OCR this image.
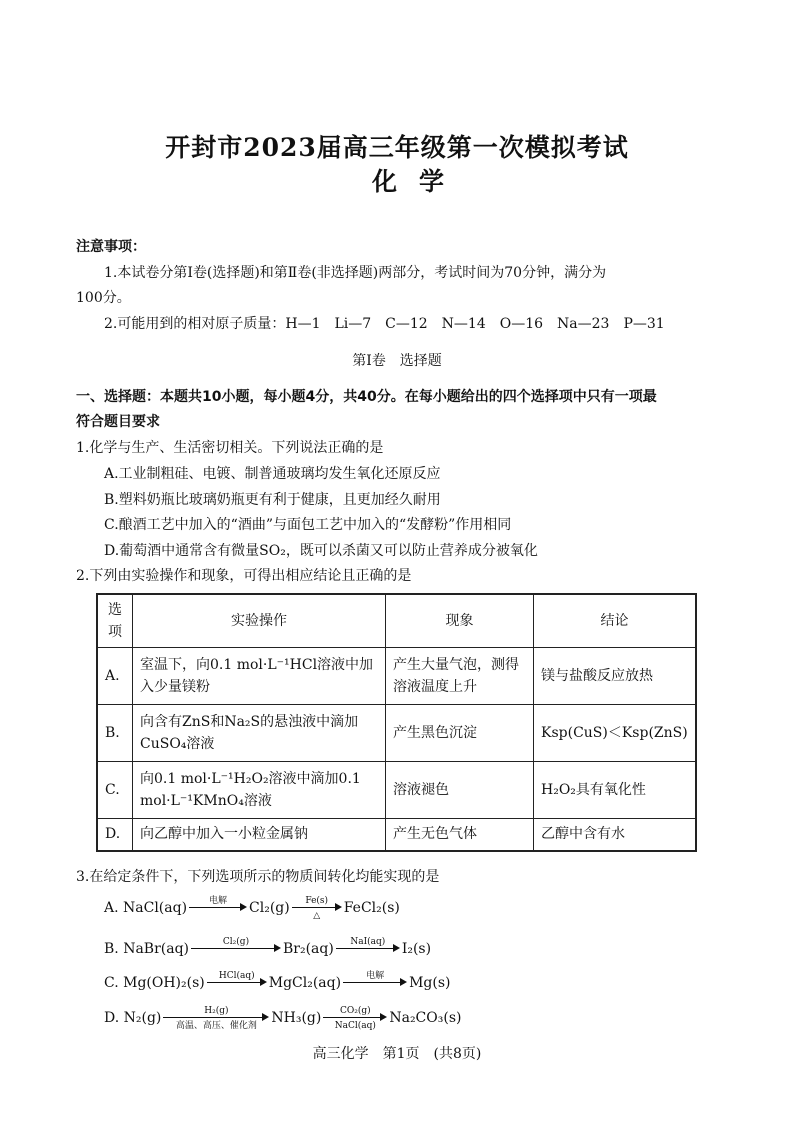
开封市2023届高三年级第一次模拟考试
化学
注意事项：
1.本试卷分第Ⅰ卷(选择题)和第Ⅱ卷(非选择题)两部分，考试时间为70分钟，满分为
100分。
2.可能用到的相对原子质量：H—1　Li—7　C—12　N—14　O—16　Na—23　P—31
第Ⅰ卷　选择题
一、选择题：本题共10小题，每小题4分，共40分。在每小题给出的四个选择项中只有一项最
符合题目要求
1.化学与生产、生活密切相关。下列说法正确的是
A.工业制粗硅、电镀、制普通玻璃均发生氧化还原反应
B.塑料奶瓶比玻璃奶瓶更有利于健康，且更加经久耐用
C.酿酒工艺中加入的“酒曲”与面包工艺中加入的“发酵粉”作用相同
D.葡萄酒中通常含有微量SO₂，既可以杀菌又可以防止营养成分被氧化
2.下列由实验操作和现象，可得出相应结论且正确的是
选项	实验操作	现象	结论
A.	室温下，向0.1 mol·L⁻¹HCl溶液中加入少量镁粉	产生大量气泡，测得溶液温度上升	镁与盐酸反应放热
B.	向含有ZnS和Na₂S的悬浊液中滴加CuSO₄溶液	产生黑色沉淀	Ksp(CuS)＜Ksp(ZnS)
C.	向0.1 mol·L⁻¹H₂O₂溶液中滴加0.1 mol·L⁻¹KMnO₄溶液	溶液褪色	H₂O₂具有氧化性
D.	向乙醇中加入一小粒金属钠	产生无色气体	乙醇中含有水
3.在给定条件下，下列选项所示的物质间转化均能实现的是
A. NaCl(aq)	电解	Cl₂(g)	Fe(s)
△	FeCl₂(s)
B. NaBr(aq)	Cl₂(g)	Br₂(aq)	NaI(aq)	I₂(s)
C. Mg(OH)₂(s)	HCl(aq)	MgCl₂(aq)	电解	Mg(s)
D. N₂(g)	H₂(g)
高温、高压、催化剂	NH₃(g)	CO₂(g)
NaCl(aq) Na₂CO₃(s)
高三化学　第1页　(共8页)
